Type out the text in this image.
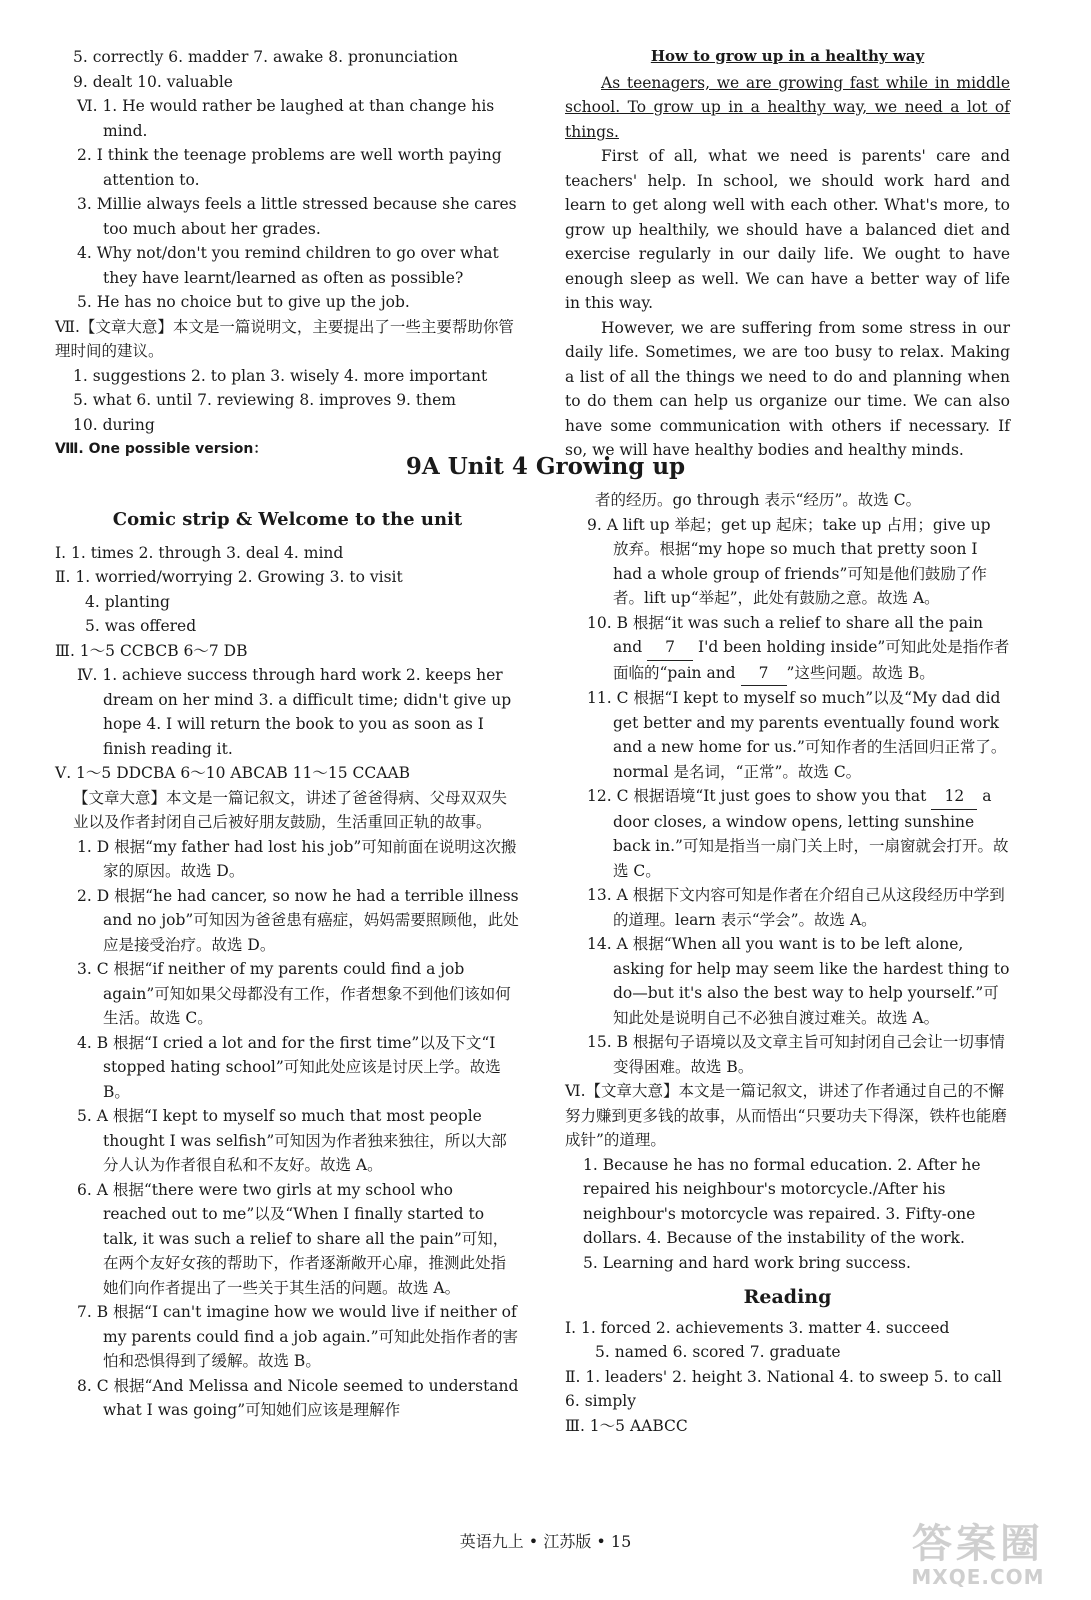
5. correctly 6. madder 7. awake 8. pronunciation
9. dealt 10. valuable
Ⅵ. 1. He would rather be laughed at than change his mind.
2. I think the teenage problems are well worth paying attention to.
3. Millie always feels a little stressed because she cares too much about her grades.
4. Why not/don't you remind children to go over what they have learnt/learned as often as possible?
5. He has no choice but to give up the job.
Ⅶ.【文章大意】本文是一篇说明文，主要提出了一些主要帮助你管理时间的建议。
1. suggestions 2. to plan 3. wisely 4. more important
5. what 6. until 7. reviewing 8. improves 9. them
10. during
Ⅷ. One possible version：
How to grow up in a healthy way

As teenagers, we are growing fast while in middle school. To grow up in a healthy way, we need a lot of things.

First of all, what we need is parents' care and teachers' help. In school, we should work hard and learn to get along well with each other. What's more, to grow up healthily, we should have a balanced diet and exercise regularly in our daily life. We ought to have enough sleep as well. We can have a better way of life in this way.

However, we are suffering from some stress in our daily life. Sometimes, we are too busy to relax. Making a list of all the things we need to do and planning when to do them can help us organize our time. We can also have some communication with others if necessary. If so, we will have healthy bodies and healthy minds.

9A Unit 4 Growing up
Comic strip & Welcome to the unit
Ⅰ. 1. times 2. through 3. deal 4. mind
Ⅱ. 1. worried/worrying 2. Growing 3. to visit
4. planting
5. was offered
Ⅲ. 1～5 CCBCB 6～7 DB
Ⅳ. 1. achieve success through hard work 2. keeps her dream on her mind 3. a difficult time; didn't give up hope 4. I will return the book to you as soon as I finish reading it.
Ⅴ. 1～5 DDCBA 6～10 ABCAB 11～15 CCAAB
【文章大意】本文是一篇记叙文，讲述了爸爸得病、父母双双失业以及作者封闭自己后被好朋友鼓励，生活重回正轨的故事。
1. D 根据“my father had lost his job”可知前面在说明这次搬家的原因。故选 D。
2. D 根据“he had cancer, so now he had a terrible illness and no job”可知因为爸爸患有癌症，妈妈需要照顾他，此处应是接受治疗。故选 D。
3. C 根据“if neither of my parents could find a job again”可知如果父母都没有工作，作者想象不到他们该如何生活。故选 C。
4. B 根据“I cried a lot and for the first time”以及下文“I stopped hating school”可知此处应该是讨厌上学。故选 B。
5. A 根据“I kept to myself so much that most people thought I was selfish”可知因为作者独来独往，所以大部分人认为作者很自私和不友好。故选 A。
6. A 根据“there were two girls at my school who reached out to me”以及“When I finally started to talk, it was such a relief to share all the pain”可知，在两个友好女孩的帮助下，作者逐渐敞开心扉，推测此处指她们向作者提出了一些关于其生活的问题。故选 A。
7. B 根据“I can't imagine how we would live if neither of my parents could find a job again.”可知此处指作者的害怕和恐惧得到了缓解。故选 B。
8. C 根据“And Melissa and Nicole seemed to understand what I was going”可知她们应该是理解作
者的经历。go through 表示“经历”。故选 C。
9. A lift up 举起；get up 起床；take up 占用；give up 放弃。根据“my hope so much that pretty soon I had a whole group of friends”可知是他们鼓励了作者。lift up“举起”，此处有鼓励之意。故选 A。
10. B 根据“it was such a relief to share all the pain and 7 I'd been holding inside”可知此处是指作者面临的“pain and 7 ”这些问题。故选 B。
11. C 根据“I kept to myself so much”以及“My dad did get better and my parents eventually found work and a new home for us.”可知作者的生活回归正常了。normal 是名词，“正常”。故选 C。
12. C 根据语境“It just goes to show you that 12 a door closes, a window opens, letting sunshine back in.”可知是指当一扇门关上时，一扇窗就会打开。故选 C。
13. A 根据下文内容可知是作者在介绍自己从这段经历中学到的道理。learn 表示“学会”。故选 A。
14. A 根据“When all you want is to be left alone, asking for help may seem like the hardest thing to do—but it's also the best way to help yourself.”可知此处是说明自己不必独自渡过难关。故选 A。
15. B 根据句子语境以及文章主旨可知封闭自己会让一切事情变得困难。故选 B。
Ⅵ.【文章大意】本文是一篇记叙文，讲述了作者通过自己的不懈努力赚到更多钱的故事，从而悟出“只要功夫下得深，铁杵也能磨成针”的道理。
1. Because he has no formal education. 2. After he repaired his neighbour's motorcycle./After his neighbour's motorcycle was repaired. 3. Fifty-one dollars. 4. Because of the instability of the work.
5. Learning and hard work bring success.
Reading
Ⅰ. 1. forced 2. achievements 3. matter 4. succeed
5. named 6. scored 7. graduate
Ⅱ. 1. leaders' 2. height 3. National 4. to sweep 5. to call 6. simply
Ⅲ. 1～5 AABCC
英语九上 • 江苏版 • 15	答案圈
MXQE.COM
